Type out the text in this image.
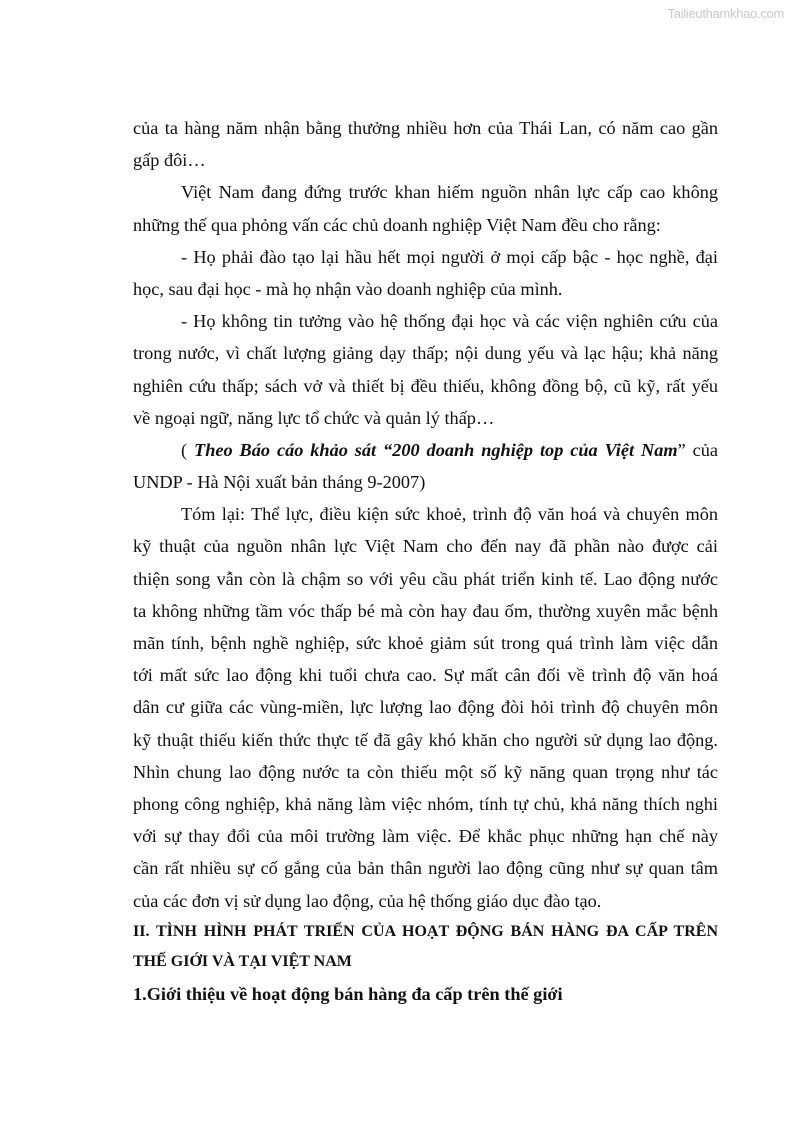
Tailieuthamkhao.com
của ta hàng năm nhận bằng thưởng nhiều hơn của Thái Lan, có năm cao gần
gấp đôi…
Việt Nam đang đứng trước khan hiếm nguồn nhân lực cấp cao không
những thế qua phỏng vấn các chủ doanh nghiệp Việt Nam đều cho rằng:
- Họ phải đào tạo lại hầu hết mọi người ở mọi cấp bậc - học nghề, đại
học, sau đại học - mà họ nhận vào doanh nghiệp của mình.
- Họ không tin tưởng vào hệ thống đại học và các viện nghiên cứu của
trong nước, vì chất lượng giảng dạy thấp; nội dung yếu và lạc hậu; khả năng
nghiên cứu thấp; sách vở và thiết bị đều thiếu, không đồng bộ, cũ kỹ, rất yếu
về ngoại ngữ, năng lực tổ chức và quản lý thấp…
( Theo Báo cáo khảo sát “200 doanh nghiệp top của Việt Nam” của
UNDP - Hà Nội xuất bản tháng 9-2007)
Tóm lại: Thể lực, điều kiện sức khoẻ, trình độ văn hoá và chuyên môn
kỹ thuật của nguồn nhân lực Việt Nam cho đến nay đã phần nào được cải
thiện song vẫn còn là chậm so với yêu cầu phát triển kinh tế. Lao động nước
ta không những tầm vóc thấp bé mà còn hay đau ốm, thường xuyên mắc bệnh
mãn tính, bệnh nghề nghiệp, sức khoẻ giảm sút trong quá trình làm việc dẫn
tới mất sức lao động khi tuổi chưa cao. Sự mất cân đối về trình độ văn hoá
dân cư giữa các vùng-miền, lực lượng lao động đòi hỏi trình độ chuyên môn
kỹ thuật thiếu kiến thức thực tế đã gây khó khăn cho người sử dụng lao động.
Nhìn chung lao động nước ta còn thiếu một số kỹ năng quan trọng như tác
phong công nghiệp, khả năng làm việc nhóm, tính tự chủ, khả năng thích nghi
với sự thay đổi của môi trường làm việc. Để khắc phục những hạn chế này
cần rất nhiều sự cố gắng của bản thân người lao động cũng như sự quan tâm
của các đơn vị sử dụng lao động, của hệ thống giáo dục đào tạo.
II. TÌNH HÌNH PHÁT TRIỂN CỦA HOẠT ĐỘNG BÁN HÀNG ĐA CẤP TRÊN
THẾ GIỚI VÀ TẠI VIỆT NAM
1.Giới thiệu về hoạt động bán hàng đa cấp trên thế giới
